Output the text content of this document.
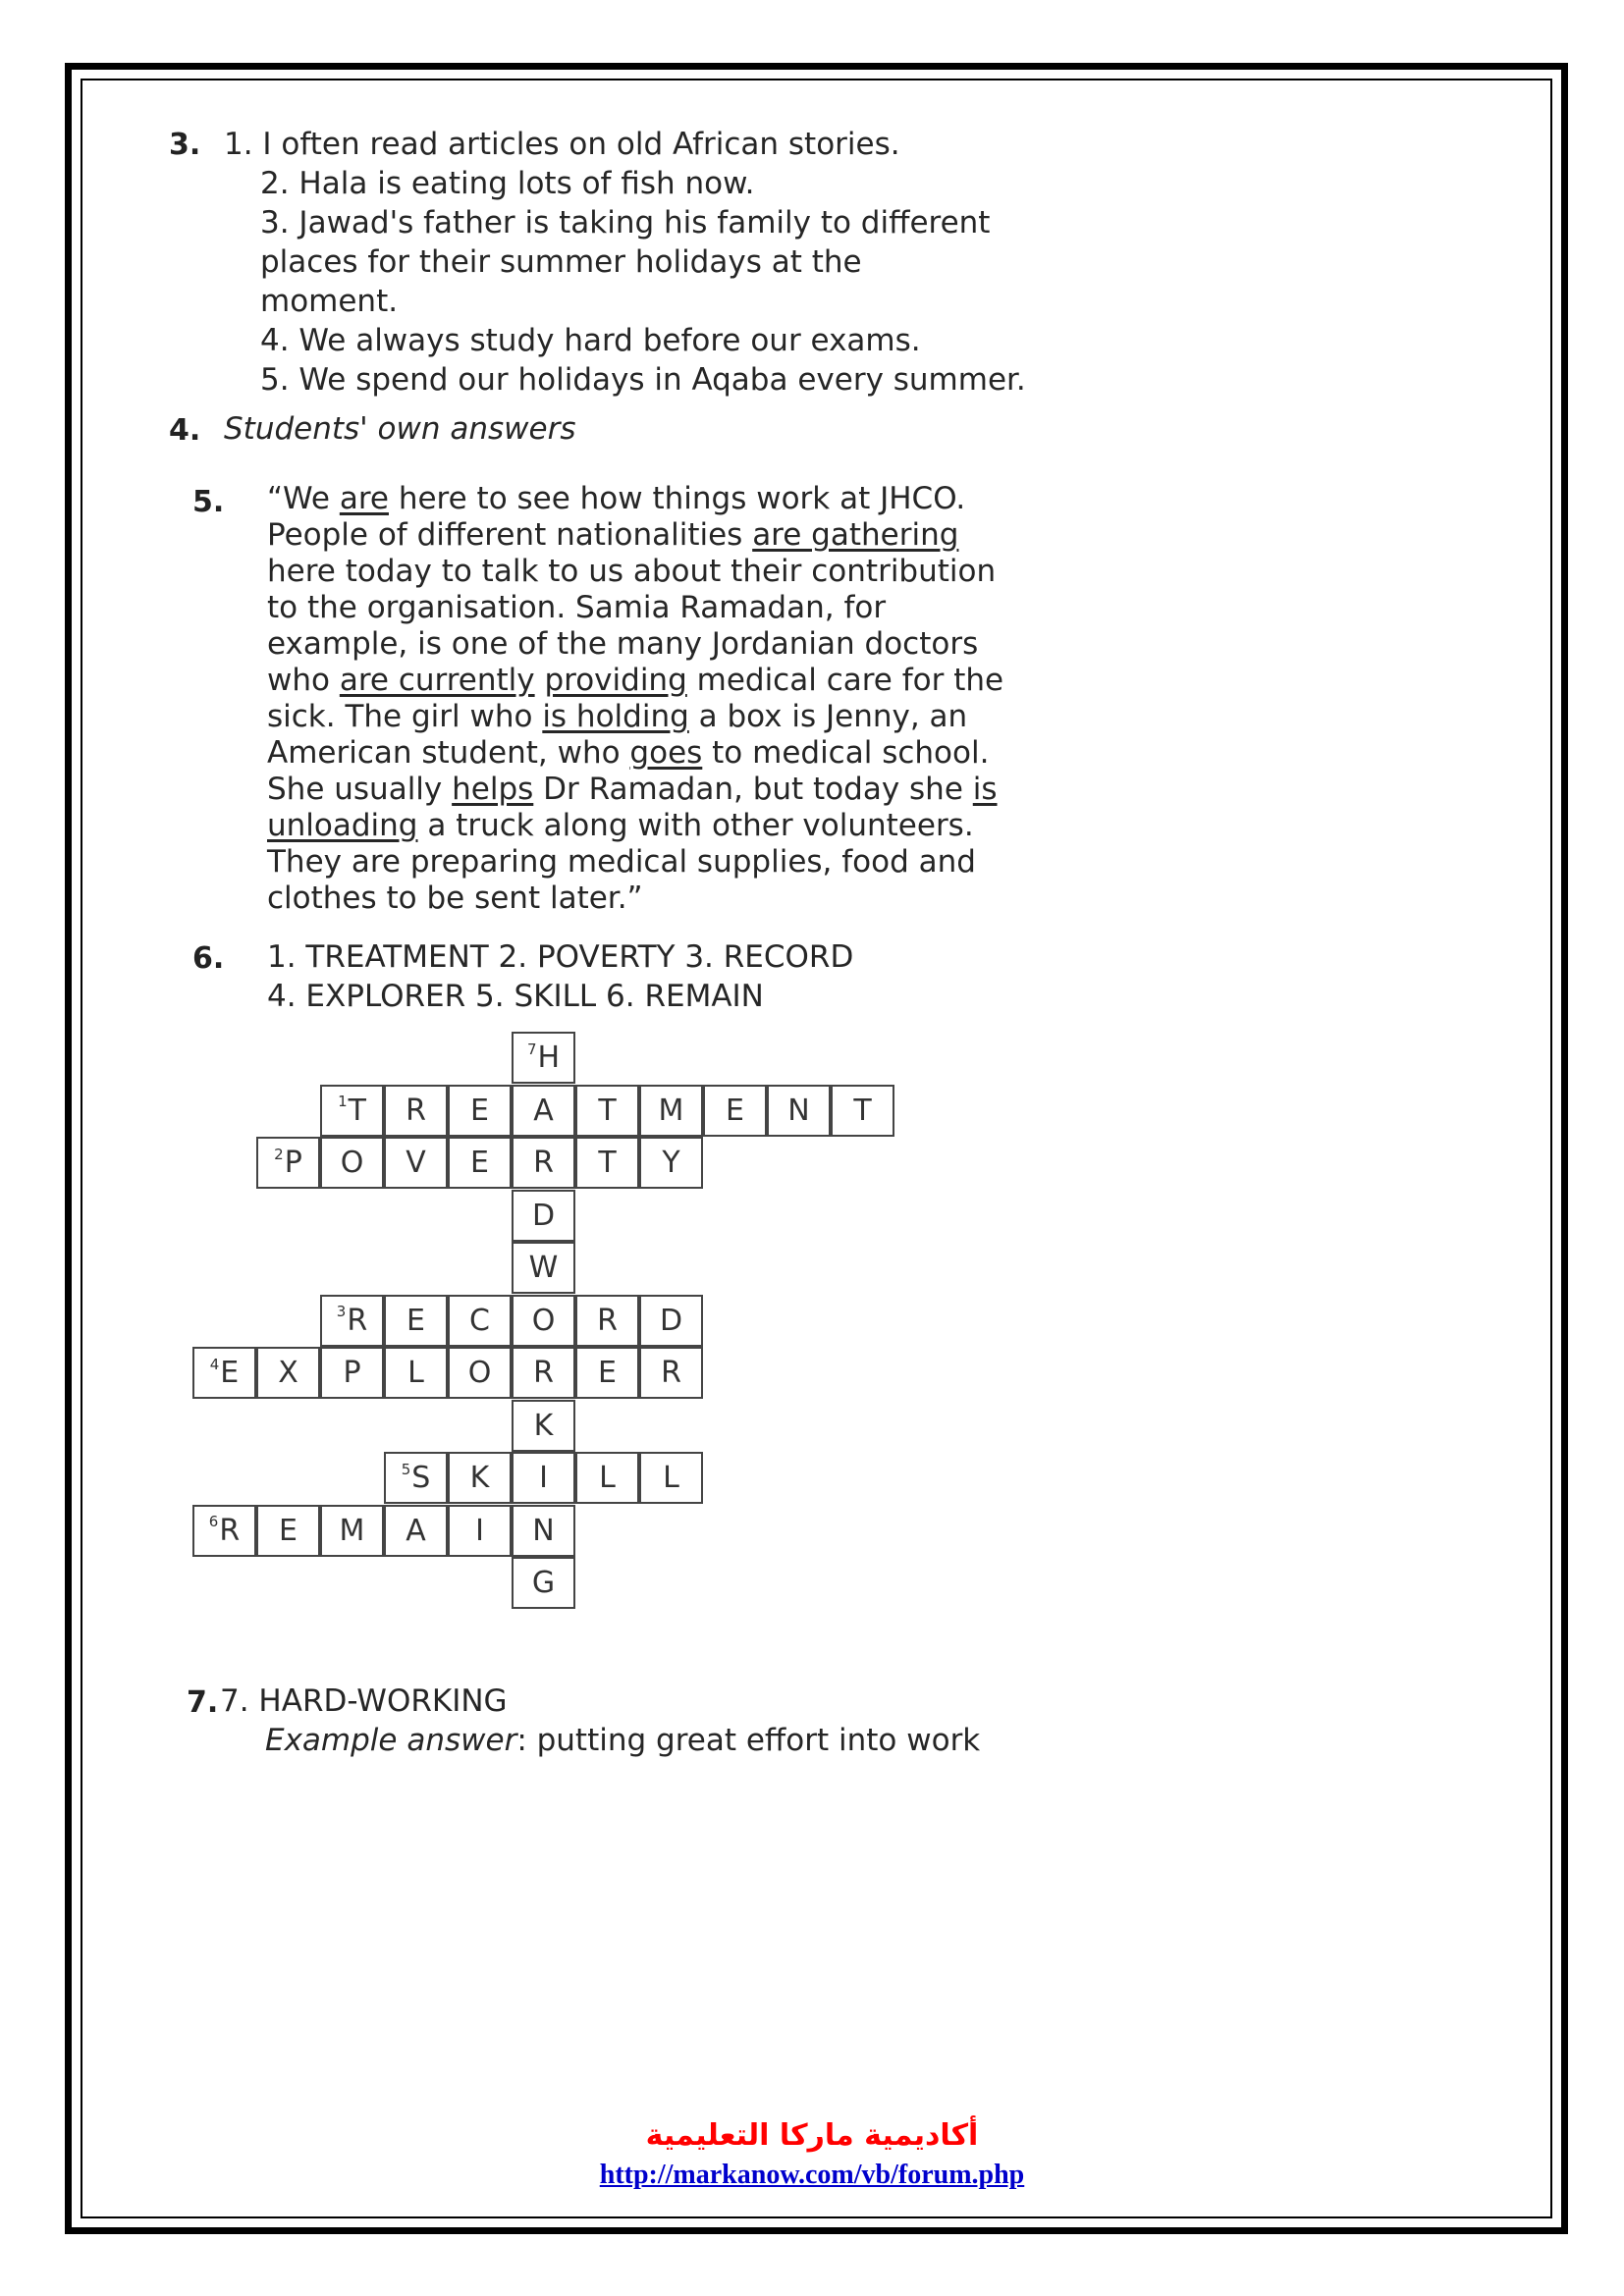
3. 1. I often read articles on old African stories.
2. Hala is eating lots of fish now.
3. Jawad's father is taking his family to different
places for their summer holidays at the
moment.
4. We always study hard before our exams.
5. We spend our holidays in Aqaba every summer.
4. Students' own answers
5. “We are here to see how things work at JHCO.
People of different nationalities are gathering
here today to talk to us about their contribution
to the organisation. Samia Ramadan, for
example, is one of the many Jordanian doctors
who are currently providing medical care for the
sick. The girl who is holding a box is Jenny, an
American student, who goes to medical school.
She usually helps Dr Ramadan, but today she is
unloading a truck along with other volunteers.
They are preparing medical supplies, food and
clothes to be sent later.”
6. 1. TREATMENT 2. POVERTY 3. RECORD
4. EXPLORER 5. SKILL 6. REMAIN
$^7$ H
$^1$ T R E A T M E N T
$^2$ P O V E R T Y
D
W
$^3$ R E C O R D
$^4$ E X P L O R E R
K
$^5$ S K I L L
$^6$ R E M A I N
G
7. 7. HARD-WORKING
Example answer: putting great effort into work
أكاديمية ماركا التعليمية
http://markanow.com/vb/forum.php
